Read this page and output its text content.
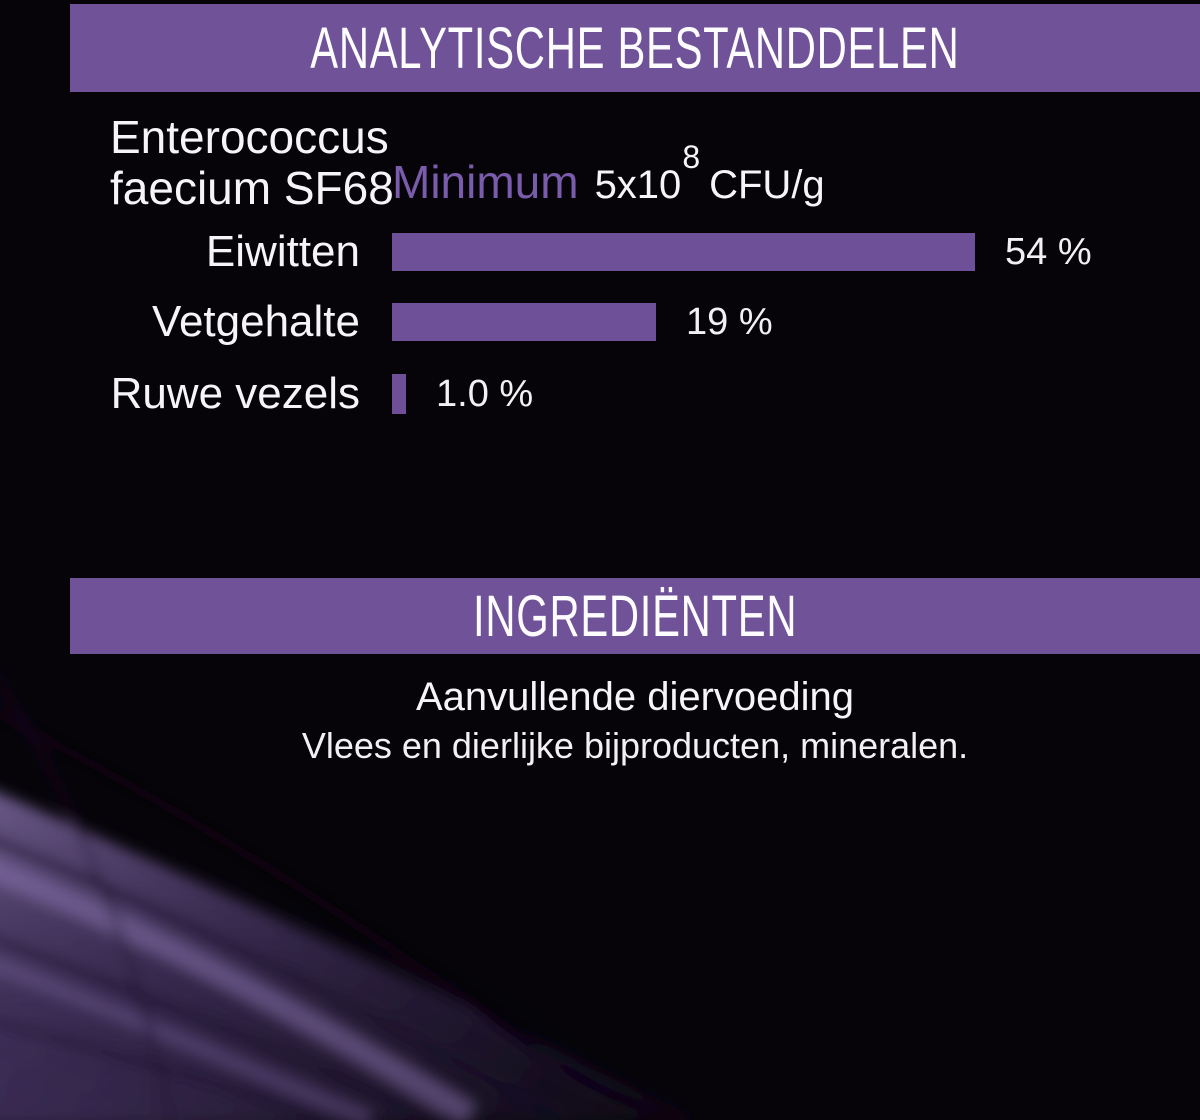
ANALYTISCHE BESTANDDELEN
Enterococcus
faecium SF68
Minimum $5x10^8$
CFU/g
Eiwitten	54 %
Vetgehalte	19 %
Ruwe vezels 1.0 %
INGREDIËNTEN

Aanvullende diervoeding

Vlees en dierlijke bijproducten, mineralen.
